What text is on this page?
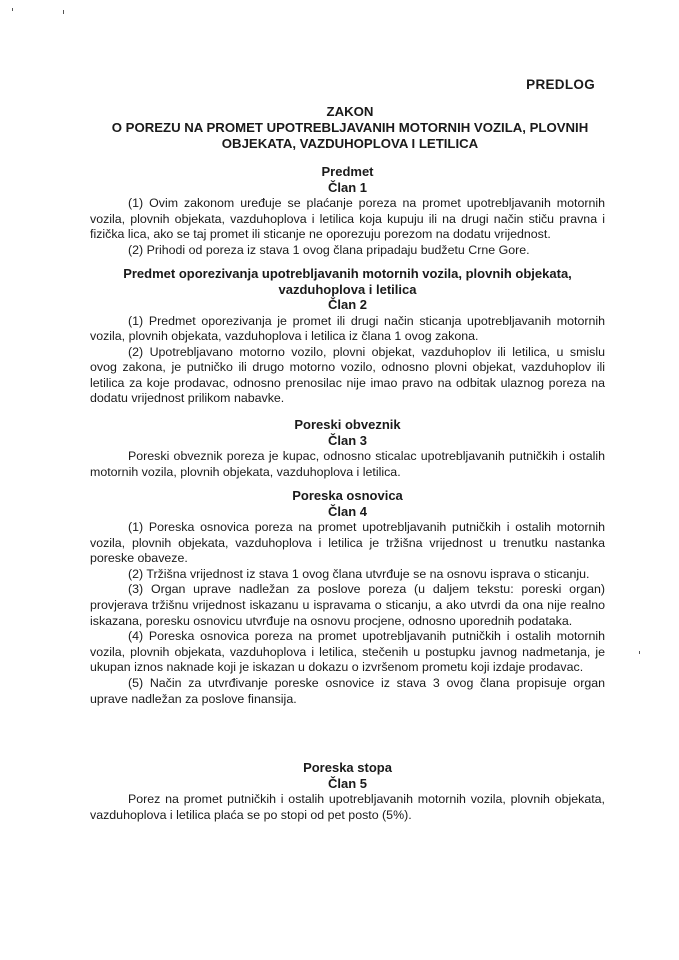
PREDLOG
ZAKON
O POREZU NA PROMET UPOTREBLJAVANIH MOTORNIH VOZILA, PLOVNIH
OBJEKATA, VAZDUHOPLOVA I LETILICA
Predmet
Član 1

(1) Ovim zakonom uređuje se plaćanje poreza na promet upotrebljavanih motornih vozila, plovnih objekata, vazduhoplova i letilica koja kupuju ili na drugi način stiču pravna i fizička lica, ako se taj promet ili sticanje ne oporezuju porezom na dodatu vrijednost.

(2) Prihodi od poreza iz stava 1 ovog člana pripadaju budžetu Crne Gore.

Predmet oporezivanja upotrebljavanih motornih vozila, plovnih objekata, vazduhoplova i letilica
Član 2

(1) Predmet oporezivanja je promet ili drugi način sticanja upotrebljavanih motornih vozila, plovnih objekata, vazduhoplova i letilica iz člana 1 ovog zakona.

(2) Upotrebljavano motorno vozilo, plovni objekat, vazduhoplov ili letilica, u smislu ovog zakona, je putničko ili drugo motorno vozilo, odnosno plovni objekat, vazduhoplov ili letilica za koje prodavac, odnosno prenosilac nije imao pravo na odbitak ulaznog poreza na dodatu vrijednost prilikom nabavke.

Poreski obveznik
Član 3

Poreski obveznik poreza je kupac, odnosno sticalac upotrebljavanih putničkih i ostalih motornih vozila, plovnih objekata, vazduhoplova i letilica.

Poreska osnovica
Član 4

(1) Poreska osnovica poreza na promet upotrebljavanih putničkih i ostalih motornih vozila, plovnih objekata, vazduhoplova i letilica je tržišna vrijednost u trenutku nastanka poreske obaveze.

(2) Tržišna vrijednost iz stava 1 ovog člana utvrđuje se na osnovu isprava o sticanju.

(3) Organ uprave nadležan za poslove poreza (u daljem tekstu: poreski organ) provjerava tržišnu vrijednost iskazanu u ispravama o sticanju, a ako utvrdi da ona nije realno iskazana, poresku osnovicu utvrđuje na osnovu procjene, odnosno uporednih podataka.

(4) Poreska osnovica poreza na promet upotrebljavanih putničkih i ostalih motornih vozila, plovnih objekata, vazduhoplova i letilica, stečenih u postupku javnog nadmetanja, je ukupan iznos naknade koji je iskazan u dokazu o izvršenom prometu koji izdaje prodavac.

(5) Način za utvrđivanje poreske osnovice iz stava 3 ovog člana propisuje organ uprave nadležan za poslove finansija.

Poreska stopa
Član 5

Porez na promet putničkih i ostalih upotrebljavanih motornih vozila, plovnih objekata, vazduhoplova i letilica plaća se po stopi od pet posto (5%).
